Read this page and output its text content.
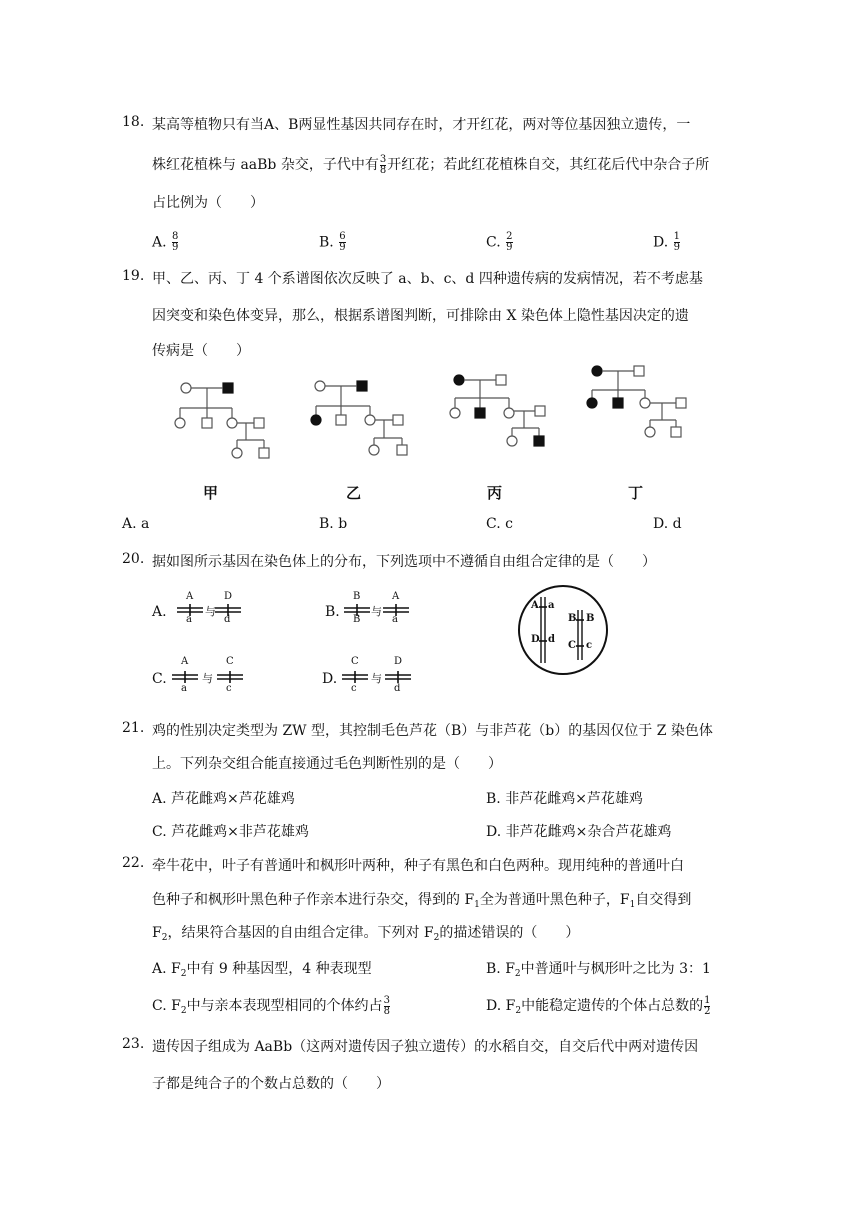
18. 某高等植物只有当A、B两显性基因共同存在时，才开红花，两对等位基因独立遗传，一
株红花植株与 aaBb 杂交，子代中有 $\frac{3}{8}$ 开红花；若此红花植株自交，其红花后代中杂合子所
占比例为（　　）
A. $\frac{8}{9}$	B. $\frac{6}{9}$	C. $\frac{2}{9}$	D. $\frac{1}{9}$
19. 甲、乙、丙、丁 4 个系谱图依次反映了 a、b、c、d 四种遗传病的发病情况，若不考虑基
因突变和染色体变异，那么，根据系谱图判断，可排除由 X 染色体上隐性基因决定的遗
传病是（　　）
甲	乙	丙	丁
A. a	B. b	C. c	D. d
20. 据如图所示基因在染色体上的分布，下列选项中不遵循自由组合定律的是（　　）
A.	B.
C.	D.
A
a
与
D
d
B
B
与
A
a
A
a
与
C
c
C
c
与
D
d
A a
D d
B B
C c
21. 鸡的性别决定类型为 ZW 型，其控制毛色芦花（B）与非芦花（b）的基因仅位于 Z 染色体
上。下列杂交组合能直接通过毛色判断性别的是（　　）
A. 芦花雌鸡×芦花雄鸡	B. 非芦花雌鸡×芦花雄鸡
C. 芦花雌鸡×非芦花雄鸡	D. 非芦花雌鸡×杂合芦花雄鸡
22. 牵牛花中，叶子有普通叶和枫形叶两种，种子有黑色和白色两种。现用纯种的普通叶白
色种子和枫形叶黑色种子作亲本进行杂交，得到的 $F_1$全为普通叶黑色种子，$F_1$自交得到
$F_2$，结果符合基因的自由组合定律。下列对 $F_2$的描述错误的（　　）
A. $F_2$中有 9 种基因型，4 种表现型	B. $F_2$中普通叶与枫形叶之比为 3：1
C. $F_2$中与亲本表现型相同的个体约占 $\frac{3}{8}$	D. $F_2$中能稳定遗传的个体占总数的 $\frac{1}{2}$
23. 遗传因子组成为 AaBb（这两对遗传因子独立遗传）的水稻自交，自交后代中两对遗传因
子都是纯合子的个数占总数的（　　）
